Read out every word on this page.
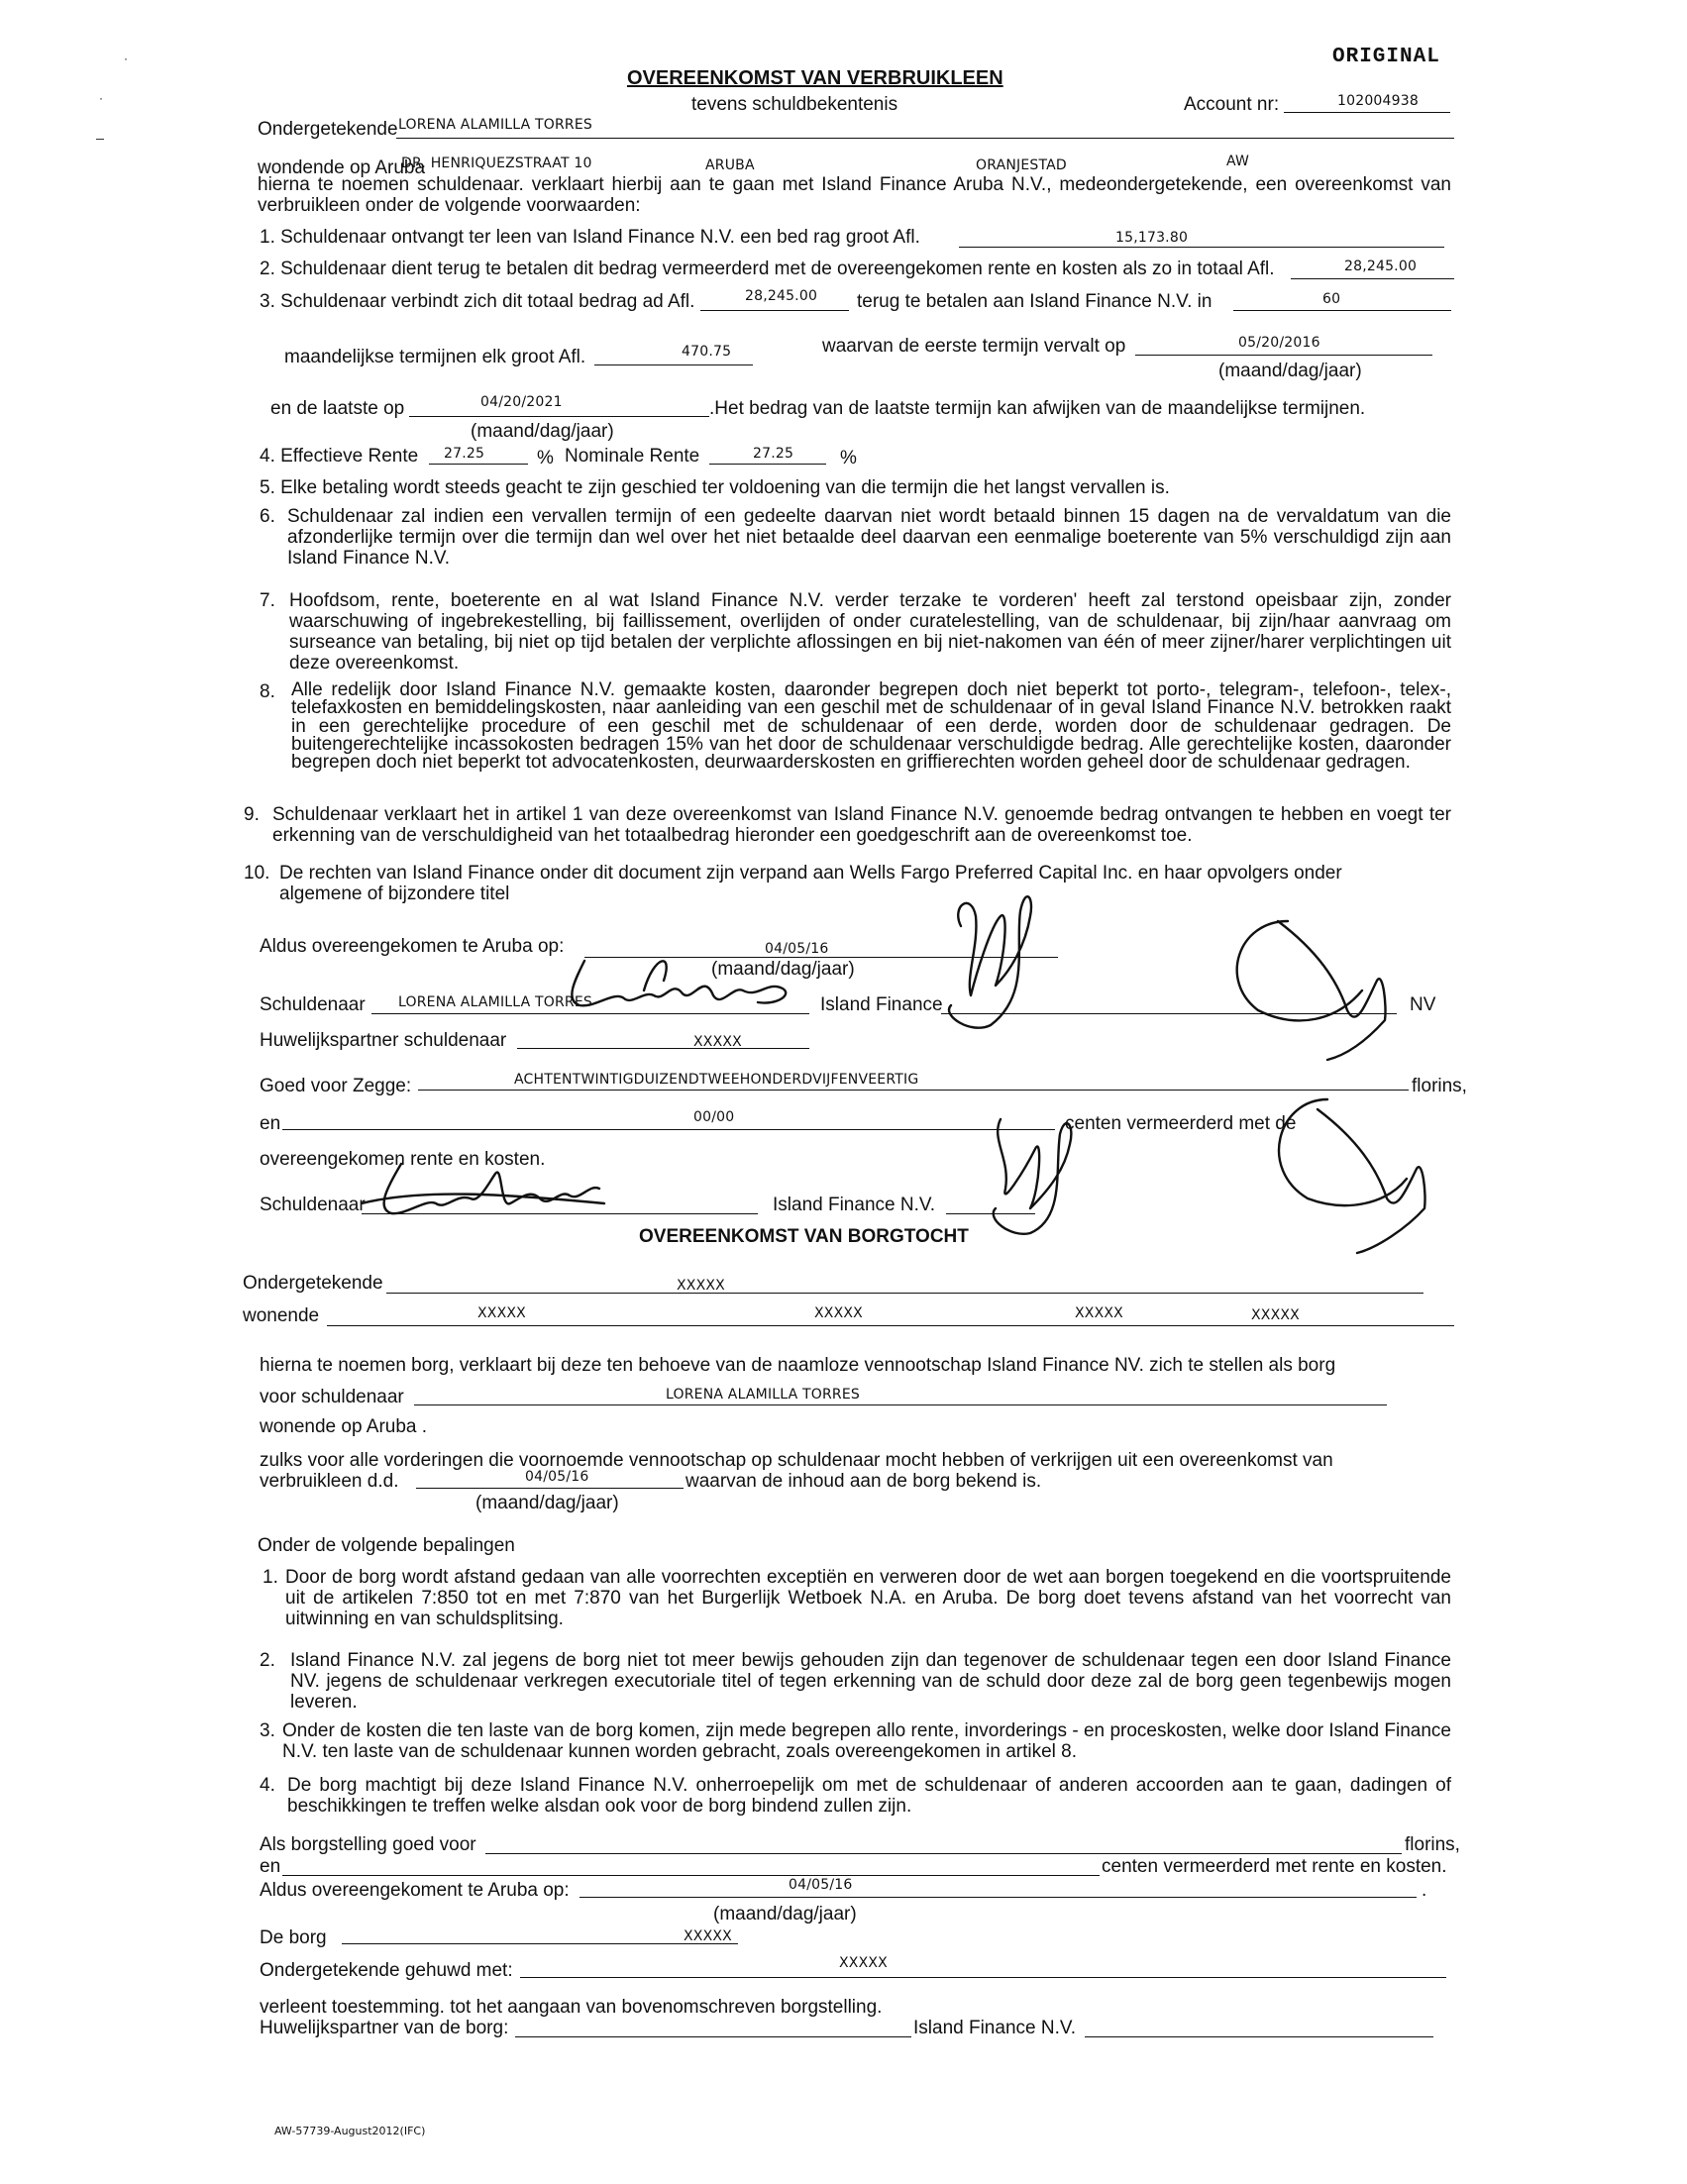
ORIGINAL
OVEREENKOMST VAN VERBRUIKLEEN
tevens schuldbekentenis	Account nr:	102004938
Ondergetekende LORENA ALAMILLA TORRES
wondende op Aruba
DR. HENRIQUEZSTRAAT 10	ARUBA	ORANJESTAD	AW
hierna te noemen schuldenaar. verklaart hierbij aan te gaan met Island Finance Aruba N.V., medeondergetekende, een overeenkomst van verbruikleen onder de volgende voorwaarden:
1. Schuldenaar ontvangt ter leen van Island Finance N.V. een bed rag groot Afl.	15,173.80
2. Schuldenaar dient terug te betalen dit bedrag vermeerderd met de overeengekomen rente en kosten als zo in totaal Afl.	28,245.00
3. Schuldenaar verbindt zich dit totaal bedrag ad Afl.	28,245.00 terug te betalen aan Island Finance N.V. in	60
maandelijkse termijnen elk groot Afl.	470.75	waarvan de eerste termijn vervalt op	05/20/2016
(maand/dag/jaar)
en de laatste op	04/20/2021	.Het bedrag van de laatste termijn kan afwijken van de maandelijkse termijnen.
(maand/dag/jaar)
4. Effectieve Rente 27.25	% Nominale Rente	27.25 %
5. Elke betaling wordt steeds geacht te zijn geschied ter voldoening van die termijn die het langst vervallen is.
6. Schuldenaar zal indien een vervallen termijn of een gedeelte daarvan niet wordt betaald binnen 15 dagen na de vervaldatum van die afzonderlijke termijn over die termijn dan wel over het niet betaalde deel daarvan een eenmalige boeterente van 5% verschuldigd zijn aan Island Finance N.V.
7. Hoofdsom, rente, boeterente en al wat Island Finance N.V. verder terzake te vorderen' heeft zal terstond opeisbaar zijn, zonder waarschuwing of ingebrekestelling, bij faillissement, overlijden of onder curatelestelling, van de schuldenaar, bij zijn/haar aanvraag om surseance van betaling, bij niet op tijd betalen der verplichte aflossingen en bij niet-nakomen van één of meer zijner/harer verplichtingen uit deze overeenkomst.
8. Alle redelijk door Island Finance N.V. gemaakte kosten, daaronder begrepen doch niet beperkt tot porto-, telegram-, telefoon-, telex-, telefaxkosten en bemiddelingskosten, naar aanleiding van een geschil met de schuldenaar of in geval Island Finance N.V. betrokken raakt in een gerechtelijke procedure of een geschil met de schuldenaar of een derde, worden door de schuldenaar gedragen. De buitengerechtelijke incassokosten bedragen 15% van het door de schuldenaar verschuldigde bedrag. Alle gerechtelijke kosten, daaronder begrepen doch niet beperkt tot advocatenkosten, deurwaarderskosten en griffierechten worden geheel door de schuldenaar gedragen.
9. Schuldenaar verklaart het in artikel 1 van deze overeenkomst van Island Finance N.V. genoemde bedrag ontvangen te hebben en voegt ter erkenning van de verschuldigheid van het totaalbedrag hieronder een goedgeschrift aan de overeenkomst toe.
10. De rechten van Island Finance onder dit document zijn verpand aan Wells Fargo Preferred Capital Inc. en haar opvolgers onder algemene of bijzondere titel
Aldus overeengekomen te Aruba op:	04/05/16
(maand/dag/jaar)
Schuldenaar LORENA ALAMILLA TORRES	Island Finance	NV
Huwelijkspartner schuldenaar	XXXXX
Goed voor Zegge:	ACHTENTWINTIGDUIZENDTWEEHONDERDVIJFENVEERTIG	florins,
en	00/00	centen vermeerderd met de
overeengekomen rente en kosten.
Schuldenaar	Island Finance N.V.
OVEREENKOMST VAN BORGTOCHT
Ondergetekende	XXXXX
wonende	XXXXX	XXXXX	XXXXX	XXXXX
hierna te noemen borg, verklaart bij deze ten behoeve van de naamloze vennootschap Island Finance NV. zich te stellen als borg
voor schuldenaar	LORENA ALAMILLA TORRES
wonende op Aruba .
zulks voor alle vorderingen die voornoemde vennootschap op schuldenaar mocht hebben of verkrijgen uit een overeenkomst van
verbruikleen d.d.	04/05/16	waarvan de inhoud aan de borg bekend is.
(maand/dag/jaar)
Onder de volgende bepalingen
1. Door de borg wordt afstand gedaan van alle voorrechten exceptiën en verweren door de wet aan borgen toegekend en die voortspruitende uit de artikelen 7:850 tot en met 7:870 van het Burgerlijk Wetboek N.A. en Aruba. De borg doet tevens afstand van het voorrecht van uitwinning en van schuldsplitsing.
2. Island Finance N.V. zal jegens de borg niet tot meer bewijs gehouden zijn dan tegenover de schuldenaar tegen een door Island Finance NV. jegens de schuldenaar verkregen executoriale titel of tegen erkenning van de schuld door deze zal de borg geen tegenbewijs mogen leveren.
3. Onder de kosten die ten laste van de borg komen, zijn mede begrepen allo rente, invorderings - en proceskosten, welke door Island Finance N.V. ten laste van de schuldenaar kunnen worden gebracht, zoals overeengekomen in artikel 8.
4. De borg machtigt bij deze Island Finance N.V. onherroepelijk om met de schuldenaar of anderen accoorden aan te gaan, dadingen of beschikkingen te treffen welke alsdan ook voor de borg bindend zullen zijn.
Als borgstelling goed voor	florins,
en	centen vermeerderd met rente en kosten.
Aldus overeengekoment te Aruba op:	04/05/16	.
(maand/dag/jaar)
De borg	XXXXX
Ondergetekende gehuwd met:	XXXXX
verleent toestemming. tot het aangaan van bovenomschreven borgstelling.
Huwelijkspartner van de borg:	Island Finance N.V.
AW-57739-August2012(IFC)
·
·
